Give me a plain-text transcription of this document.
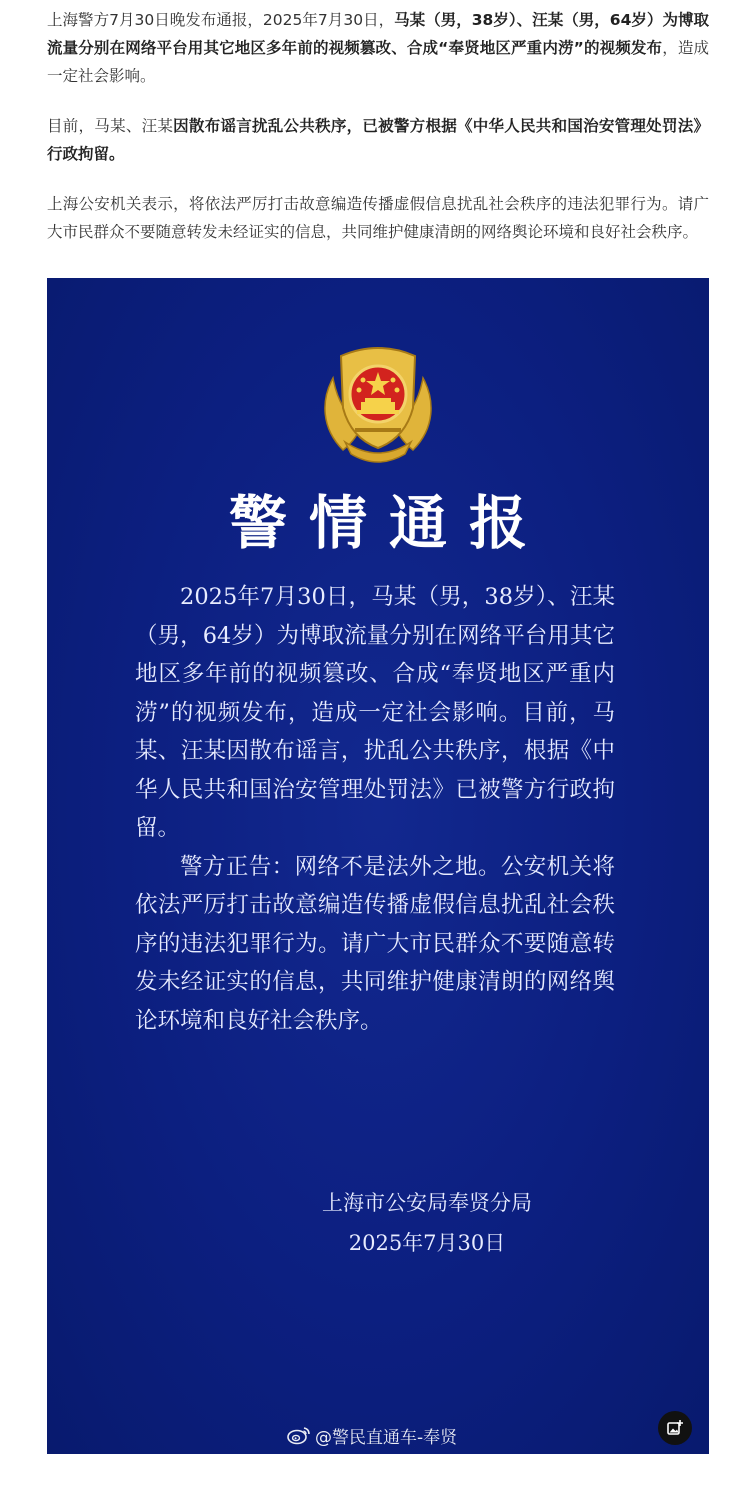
上海警方7月30日晚发布通报，2025年7月30日，马某（男，38岁）、汪某（男，64岁）为博取流量分别在网络平台用其它地区多年前的视频篡改、合成“奉贤地区严重内涝”的视频发布，造成一定社会影响。

目前，马某、汪某因散布谣言扰乱公共秩序，已被警方根据《中华人民共和国治安管理处罚法》行政拘留。

上海公安机关表示，将依法严厉打击故意编造传播虚假信息扰乱社会秩序的违法犯罪行为。请广大市民群众不要随意转发未经证实的信息，共同维护健康清朗的网络舆论环境和良好社会秩序。

警情通报

2025年7月30日，马某（男，38岁）、汪某（男，64岁）为博取流量分别在网络平台用其它地区多年前的视频篡改、合成“奉贤地区严重内涝”的视频发布，造成一定社会影响。目前，马某、汪某因散布谣言，扰乱公共秩序，根据《中华人民共和国治安管理处罚法》已被警方行政拘留。

警方正告：网络不是法外之地。公安机关将依法严厉打击故意编造传播虚假信息扰乱社会秩序的违法犯罪行为。请广大市民群众不要随意转发未经证实的信息，共同维护健康清朗的网络舆论环境和良好社会秩序。

上海市公安局奉贤分局
2025年7月30日
@警民直通车-奉贤
